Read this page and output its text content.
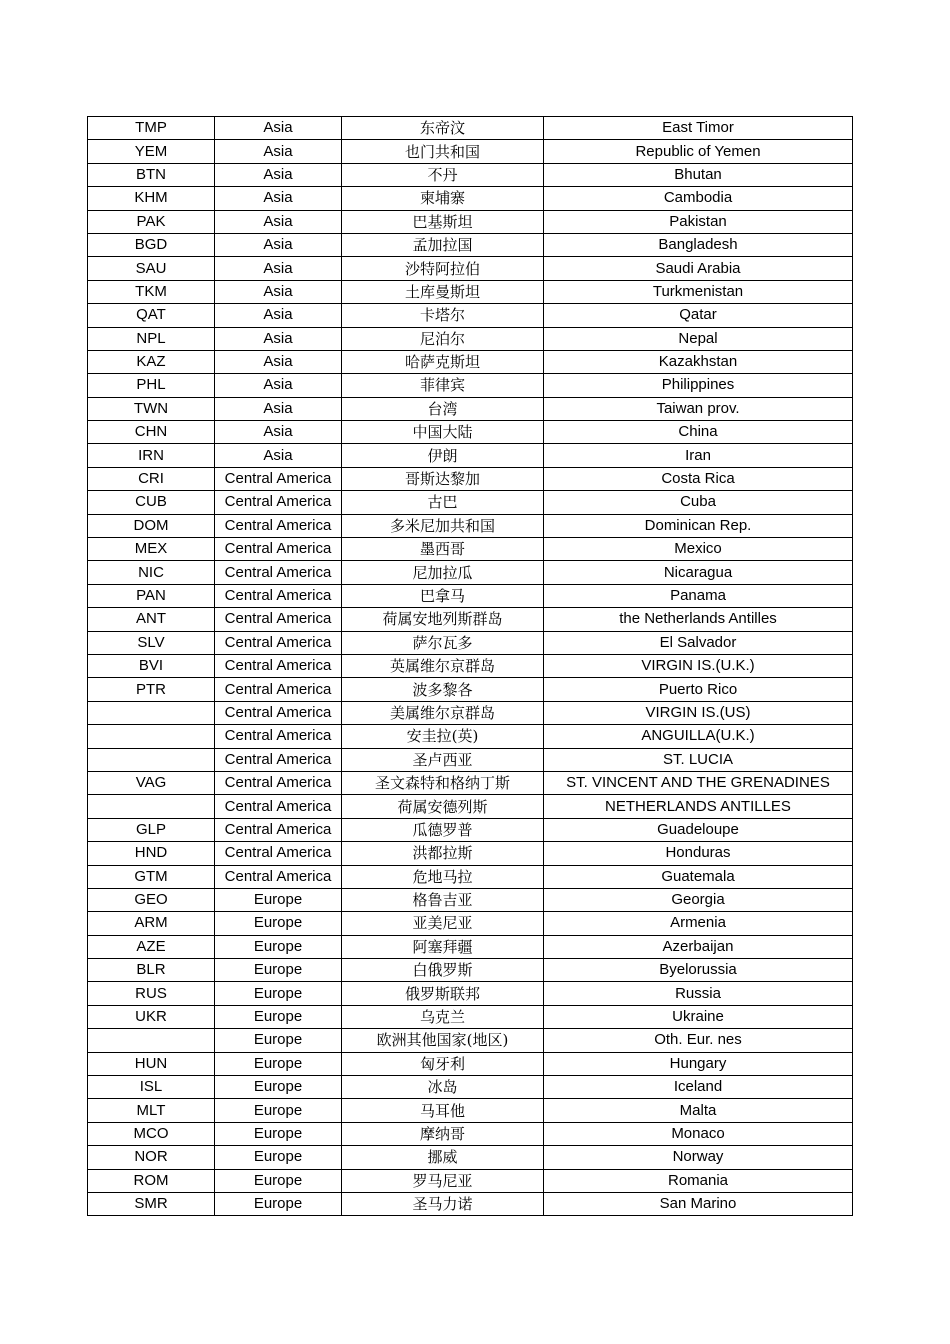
TMP	Asia	东帝汶	East Timor
YEM	Asia	也门共和国	Republic of Yemen
BTN	Asia	不丹	Bhutan
KHM	Asia	柬埔寨	Cambodia
PAK	Asia	巴基斯坦	Pakistan
BGD	Asia	孟加拉国	Bangladesh
SAU	Asia	沙特阿拉伯	Saudi Arabia
TKM	Asia	土库曼斯坦	Turkmenistan
QAT	Asia	卡塔尔	Qatar
NPL	Asia	尼泊尔	Nepal
KAZ	Asia	哈萨克斯坦	Kazakhstan
PHL	Asia	菲律宾	Philippines
TWN	Asia	台湾	Taiwan prov.
CHN	Asia	中国大陆	China
IRN	Asia	伊朗	Iran
CRI	Central America	哥斯达黎加	Costa Rica
CUB	Central America	古巴	Cuba
DOM	Central America	多米尼加共和国	Dominican Rep.
MEX	Central America	墨西哥	Mexico
NIC	Central America	尼加拉瓜	Nicaragua
PAN	Central America	巴拿马	Panama
ANT	Central America	荷属安地列斯群岛	the Netherlands Antilles
SLV	Central America	萨尔瓦多	El Salvador
BVI	Central America	英属维尔京群岛	VIRGIN IS.(U.K.)
PTR	Central America	波多黎各	Puerto Rico
	Central America	美属维尔京群岛	VIRGIN IS.(US)
	Central America	安圭拉(英)	ANGUILLA(U.K.)
	Central America	圣卢西亚	ST. LUCIA
VAG	Central America	圣文森特和格纳丁斯	ST. VINCENT AND THE GRENADINES
	Central America	荷属安德列斯	NETHERLANDS ANTILLES
GLP	Central America	瓜德罗普	Guadeloupe
HND	Central America	洪都拉斯	Honduras
GTM	Central America	危地马拉	Guatemala
GEO	Europe	格鲁吉亚	Georgia
ARM	Europe	亚美尼亚	Armenia
AZE	Europe	阿塞拜疆	Azerbaijan
BLR	Europe	白俄罗斯	Byelorussia
RUS	Europe	俄罗斯联邦	Russia
UKR	Europe	乌克兰	Ukraine
	Europe	欧洲其他国家(地区)	Oth. Eur. nes
HUN	Europe	匈牙利	Hungary
ISL	Europe	冰岛	Iceland
MLT	Europe	马耳他	Malta
MCO	Europe	摩纳哥	Monaco
NOR	Europe	挪威	Norway
ROM	Europe	罗马尼亚	Romania
SMR	Europe	圣马力诺	San Marino
